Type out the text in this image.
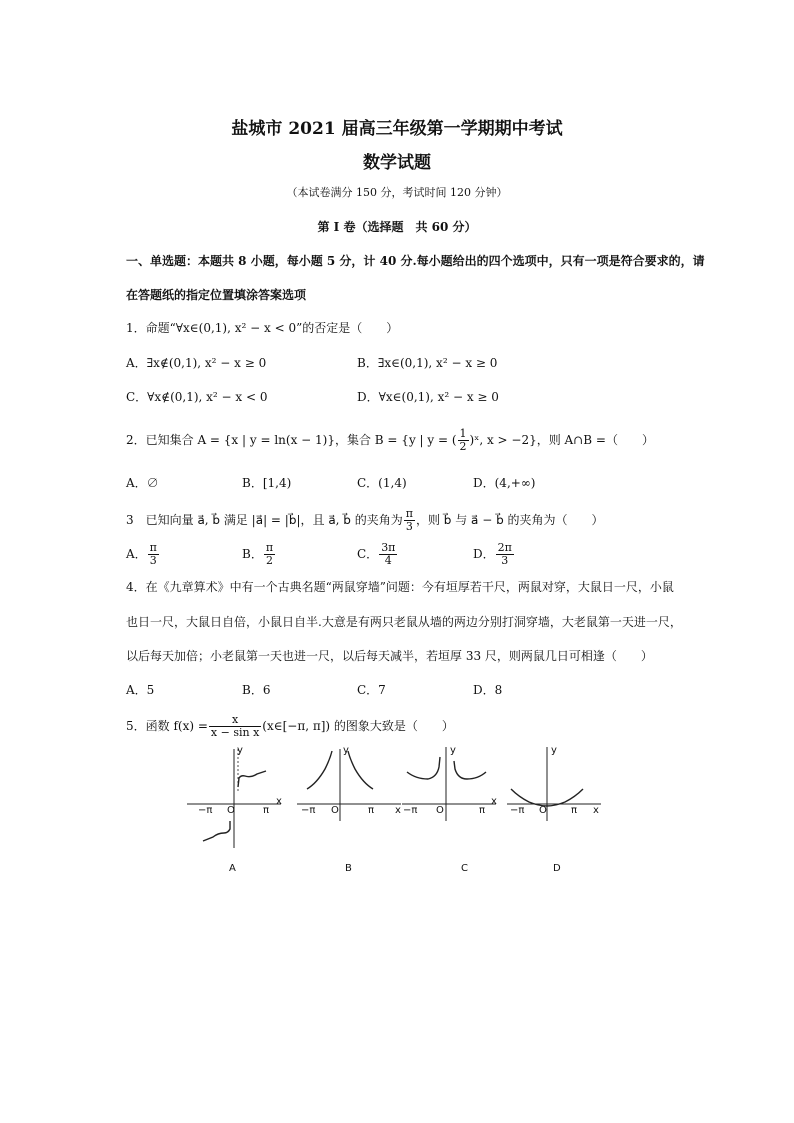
盐城市 2021 届高三年级第一学期期中考试
数学试题
（本试卷满分 150 分，考试时间 120 分钟）
第 I 卷（选择题　共 60 分）
一、单选题：本题共 8 小题，每小题 5 分，计 40 分.每小题给出的四个选项中，只有一项是符合要求的，请
在答题纸的指定位置填涂答案选项
1．命题“∀x∈(0,1), x² − x < 0”的否定是（　　）
A．∃x∉(0,1), x² − x ≥ 0	B．∃x∈(0,1), x² − x ≥ 0
C．∀x∉(0,1), x² − x < 0	D．∀x∈(0,1), x² − x ≥ 0
2．已知集合 A = {x | y = ln(x − 1)}，集合 B = {y | y = ( $\frac{1}{2}$ )ˣ, x > −2}，则 A∩B =（　　）
A．∅	B．[1,4)	C．(1,4)	D．(4,+∞)
3　已知向量 a⃗, b⃗ 满足 |a⃗| = |b⃗|，且 a⃗, b⃗ 的夹角为 $\frac{\pi}{3}$ ，则 b⃗ 与 a⃗ − b⃗ 的夹角为（　　）
A． $\frac{\pi}{3}$	B． $\frac{\pi}{2}$	C． $\frac{3\pi}{4}$	D． $\frac{2\pi}{3}$
4．在《九章算术》中有一个古典名题“两鼠穿墙”问题：今有垣厚若干尺，两鼠对穿，大鼠日一尺，小鼠
也日一尺，大鼠日自倍，小鼠日自半.大意是有两只老鼠从墙的两边分别打洞穿墙，大老鼠第一天进一尺，
以后每天加倍；小老鼠第一天也进一尺，以后每天减半，若垣厚 33 尺，则两鼠几日可相逢（　　）
A．5	B．6	C．7	D．8
5．函数 $f(x) = \frac{x}{\text{x − sin x}}$ (x∈[−π, π]) 的图象大致是（　　）
y
−π O	π
x
A
y
−π O	π x
B
y
−π O	π
x
C
y
−π O π x
D
